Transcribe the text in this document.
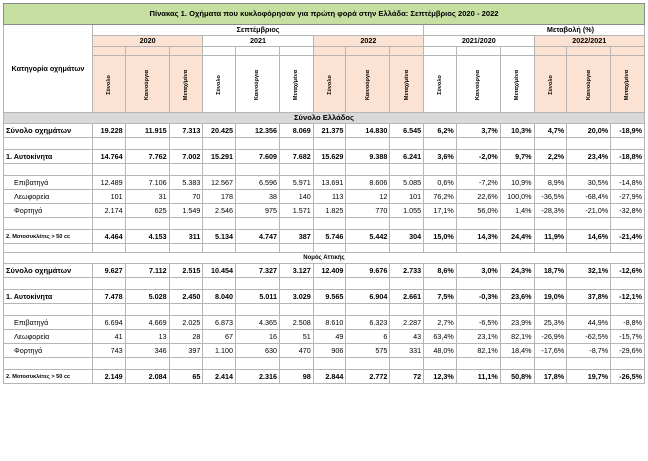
Πίνακας 1. Οχήματα που κυκλοφόρησαν για πρώτη φορά στην Ελλάδα: Σεπτέμβριος 2020 - 2022															
Κατηγορία οχημάτων	Σεπτέμβριος									Μεταβολή (%)					
	2020			2021			2022			2021/2020			2022/2021		

	Σύνολο	Καινούργια	Μεταχ/μένα	Σύνολο	Καινούργια	Μεταχ/μένα	Σύνολο	Καινούργια	Μεταχ/μένα	Σύνολο	Καινούργια	Μεταχ/μένα	Σύνολο	Καινούργια	Μεταχ/μένα
Σύνολο Ελλάδος															
Σύνολο οχημάτων	19.228	11.915	7.313	20.425	12.356	8.069	21.375	14.830	6.545	6,2%	3,7%	10,3%	4,7%	20,0%	-18,9%

1. Αυτοκίνητα	14.764	7.762	7.002	15.291	7.609	7.682	15.629	9.388	6.241	3,6%	-2,0%	9,7%	2,2%	23,4%	-18,8%

Επιβατηγά	12.489	7.106	5.383	12.567	6.596	5.971	13.691	8.606	5.085	0,6%	-7,2%	10,9%	8,9%	30,5%	-14,8%
Λεωφορεία	101	31	70	178	38	140	113	12	101	76,2%	22,6%	100,0%	-36,5%	-68,4%	-27,9%
Φορτηγά	2.174	625	1.549	2.546	975	1.571	1.825	770	1.055	17,1%	56,0%	1,4%	-28,3%	-21,0%	-32,8%

2. Μοτοσυκλέτες > 50 cc	4.464	4.153	311	5.134	4.747	387	5.746	5.442	304	15,0%	14,3%	24,4%	11,9%	14,6%	-21,4%

Νομός Αττικής															
Σύνολο οχημάτων	9.627	7.112	2.515	10.454	7.327	3.127	12.409	9.676	2.733	8,6%	3,0%	24,3%	18,7%	32,1%	-12,6%

1. Αυτοκίνητα	7.478	5.028	2.450	8.040	5.011	3.029	9.565	6.904	2.661	7,5%	-0,3%	23,6%	19,0%	37,8%	-12,1%

Επιβατηγά	6.694	4.669	2.025	6.873	4.365	2.508	8.610	6.323	2.287	2,7%	-6,5%	23,9%	25,3%	44,9%	-8,8%
Λεωφορεία	41	13	28	67	16	51	49	6	43	63,4%	23,1%	82,1%	-26,9%	-62,5%	-15,7%
Φορτηγά	743	346	397	1.100	630	470	906	575	331	48,0%	82,1%	18,4%	-17,6%	-8,7%	-29,6%

2. Μοτοσυκλέτες > 50 cc	2.149	2.084	65	2.414	2.316	98	2.844	2.772	72	12,3%	11,1%	50,8%	17,8%	19,7%	-26,5%
